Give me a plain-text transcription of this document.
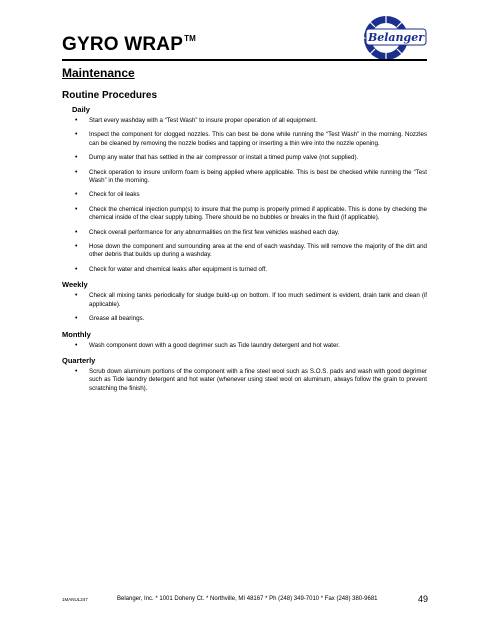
GYRO WRAP™	Belanger
Maintenance
Routine Procedures
Daily
• Start every washday with a “Test Wash” to insure proper operation of all equipment.
• Inspect the component for clogged nozzles. This can best be done while running the “Test Wash” in the morning. Nozzles can be cleaned by removing the nozzle bodies and tapping or inserting a thin wire into the nozzle opening.
• Dump any water that has settled in the air compressor or install a timed pump valve (not supplied).
• Check operation to insure uniform foam is being applied where applicable. This is best be checked while running the “Test Wash” in the morning.
• Check for oil leaks
• Check the chemical injection pump(s) to insure that the pump is properly primed if applicable. This is done by checking the chemical inside of the clear supply tubing. There should be no bubbles or breaks in the fluid (if applicable).
• Check overall performance for any abnormalities on the first few vehicles washed each day.
• Hose down the component and surrounding area at the end of each washday. This will remove the majority of the dirt and other debris that builds up during a washday.
• Check for water and chemical leaks after equipment is turned off.
Weekly
• Check all mixing tanks periodically for sludge build-up on bottom. If too much sediment is evident, drain tank and clean (if applicable).
• Grease all bearings.
Monthly
• Wash component down with a good degrimer such as Tide laundry detergent and hot water.
Quarterly
• Scrub down aluminum portions of the component with a fine steel wool such as S.O.S. pads and wash with good degrimer such as Tide laundry detergent and hot water (whenever using steel wool on aluminum, always follow the grain to prevent scratching the finish).
1MANUL247	Belanger, Inc. * 1001 Doheny Ct. * Northville, MI 48167 * Ph (248) 349-7010 * Fax (248) 380-9681	49
